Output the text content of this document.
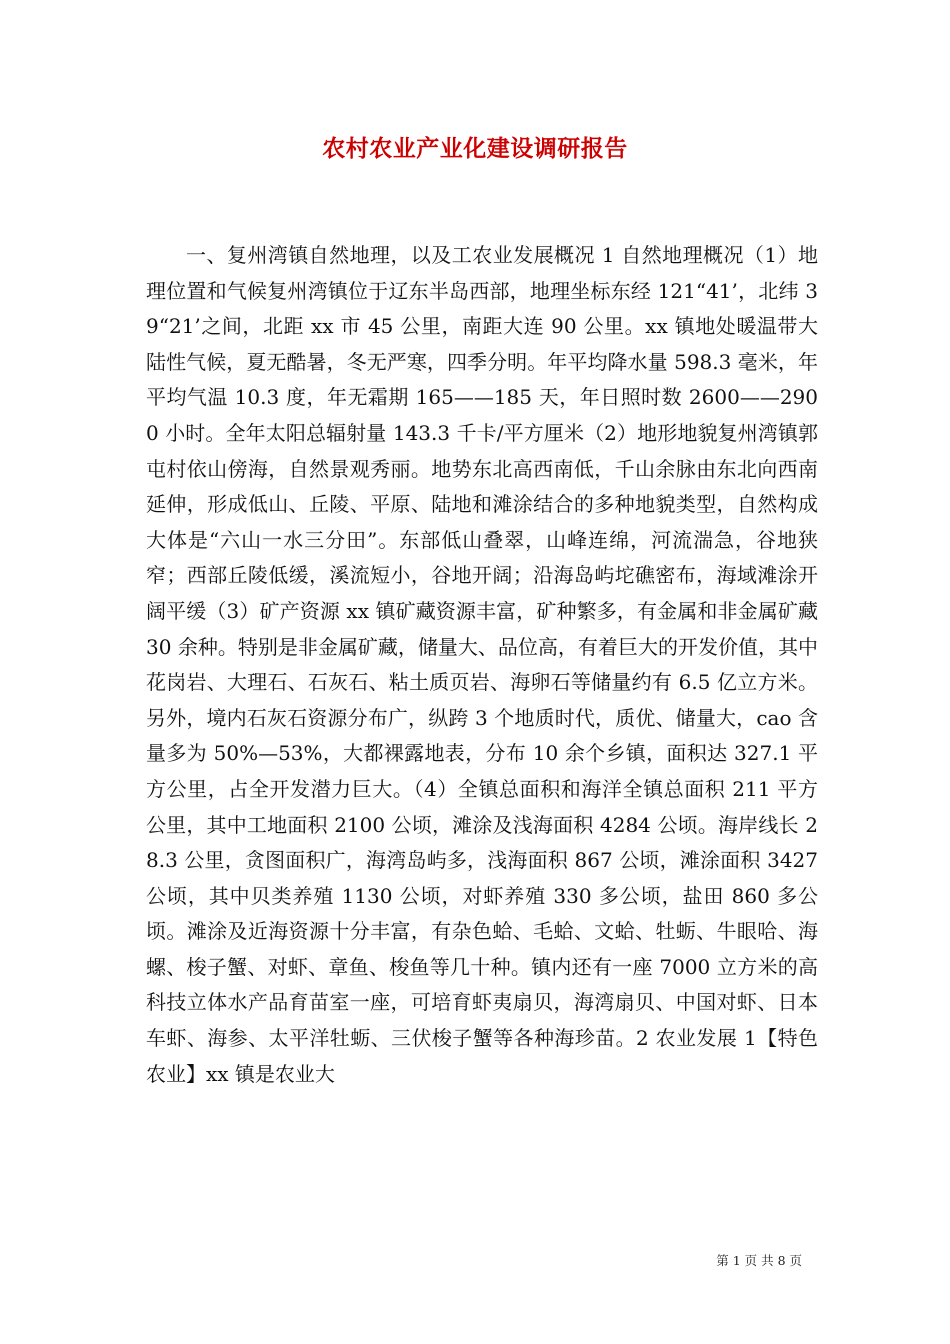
农村农业产业化建设调研报告

一、复州湾镇自然地理，以及工农业发展概况 1 自然地理概况（1）地理位置和气候复州湾镇位于辽东半岛西部，地理坐标东经 121“41’，北纬 39“21’之间，北距 xx 市 45 公里，南距大连 90 公里。xx 镇地处暖温带大陆性气候，夏无酷暑，冬无严寒，四季分明。年平均降水量 598.3 毫米，年平均气温 10.3 度，年无霜期 165——185 天，年日照时数 2600——2900 小时。全年太阳总辐射量 143.3 千卡/平方厘米（2）地形地貌复州湾镇郭屯村依山傍海，自然景观秀丽。地势东北高西南低，千山余脉由东北向西南延伸，形成低山、丘陵、平原、陆地和滩涂结合的多种地貌类型，自然构成大体是“六山一水三分田”。东部低山叠翠，山峰连绵，河流湍急，谷地狭窄；西部丘陵低缓，溪流短小，谷地开阔；沿海岛屿坨礁密布，海域滩涂开阔平缓（3）矿产资源 xx 镇矿藏资源丰富，矿种繁多，有金属和非金属矿藏 30 余种。特别是非金属矿藏，储量大、品位高，有着巨大的开发价值，其中花岗岩、大理石、石灰石、粘土质页岩、海卵石等储量约有 6.5 亿立方米。另外，境内石灰石资源分布广，纵跨 3 个地质时代，质优、储量大，cao 含量多为 50%—53%，大都裸露地表，分布 10 余个乡镇，面积达 327.1 平方公里，占全开发潜力巨大。（4）全镇总面积和海洋全镇总面积 211 平方公里，其中工地面积 2100 公顷，滩涂及浅海面积 4284 公顷。海岸线长 28.3 公里，贪图面积广，海湾岛屿多，浅海面积 867 公顷，滩涂面积 3427 公顷，其中贝类养殖 1130 公顷，对虾养殖 330 多公顷，盐田 860 多公顷。滩涂及近海资源十分丰富，有杂色蛤、毛蛤、文蛤、牡蛎、牛眼哈、海螺、梭子蟹、对虾、章鱼、梭鱼等几十种。镇内还有一座 7000 立方米的高科技立体水产品育苗室一座，可培育虾夷扇贝，海湾扇贝、中国对虾、日本车虾、海参、太平洋牡蛎、三伏梭子蟹等各种海珍苗。2 农业发展 1【特色农业】xx 镇是农业大

第 1 页 共 8 页
